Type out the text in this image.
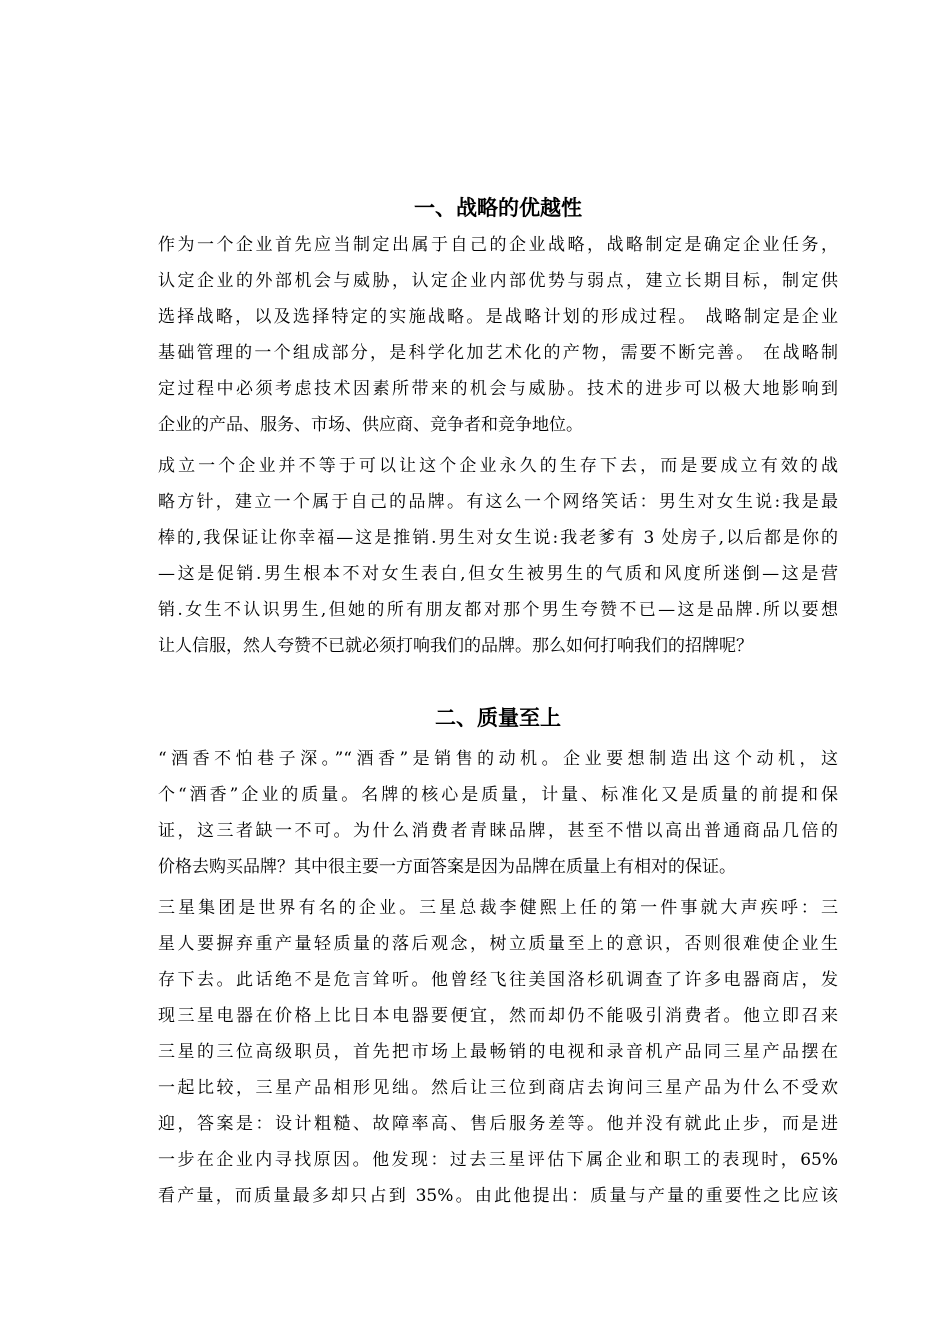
一、战略的优越性

作为一个企业首先应当制定出属于自己的企业战略，战略制定是确定企业任务，

认定企业的外部机会与威胁，认定企业内部优势与弱点，建立长期目标，制定供

选择战略，以及选择特定的实施战略。是战略计划的形成过程。 战略制定是企业

基础管理的一个组成部分，是科学化加艺术化的产物，需要不断完善。 在战略制

定过程中必须考虑技术因素所带来的机会与威胁。技术的进步可以极大地影响到

企业的产品、服务、市场、供应商、竞争者和竞争地位。

成立一个企业并不等于可以让这个企业永久的生存下去，而是要成立有效的战

略方针，建立一个属于自己的品牌。有这么一个网络笑话：男生对女生说:我是最

棒的,我保证让你幸福—这是推销.男生对女生说:我老爹有 3 处房子,以后都是你的

—这是促销.男生根本不对女生表白,但女生被男生的气质和风度所迷倒—这是营

销.女生不认识男生,但她的所有朋友都对那个男生夸赞不已—这是品牌.所以要想

让人信服，然人夸赞不已就必须打响我们的品牌。那么如何打响我们的招牌呢？

二、质量至上

“酒香不怕巷子深。”“酒香”是销售的动机。企业要想制造出这个动机，这

个“酒香”企业的质量。名牌的核心是质量，计量、标准化又是质量的前提和保

证，这三者缺一不可。为什么消费者青睐品牌，甚至不惜以高出普通商品几倍的

价格去购买品牌？其中很主要一方面答案是因为品牌在质量上有相对的保证。

三星集团是世界有名的企业。三星总裁李健熙上任的第一件事就大声疾呼：三

星人要摒弃重产量轻质量的落后观念，树立质量至上的意识，否则很难使企业生

存下去。此话绝不是危言耸听。他曾经飞往美国洛杉矶调查了许多电器商店，发

现三星电器在价格上比日本电器要便宜，然而却仍不能吸引消费者。他立即召来

三星的三位高级职员，首先把市场上最畅销的电视和录音机产品同三星产品摆在

一起比较，三星产品相形见绌。然后让三位到商店去询问三星产品为什么不受欢

迎，答案是：设计粗糙、故障率高、售后服务差等。他并没有就此止步，而是进

一步在企业内寻找原因。他发现：过去三星评估下属企业和职工的表现时，65%

看产量，而质量最多却只占到 35%。由此他提出：质量与产量的重要性之比应该
